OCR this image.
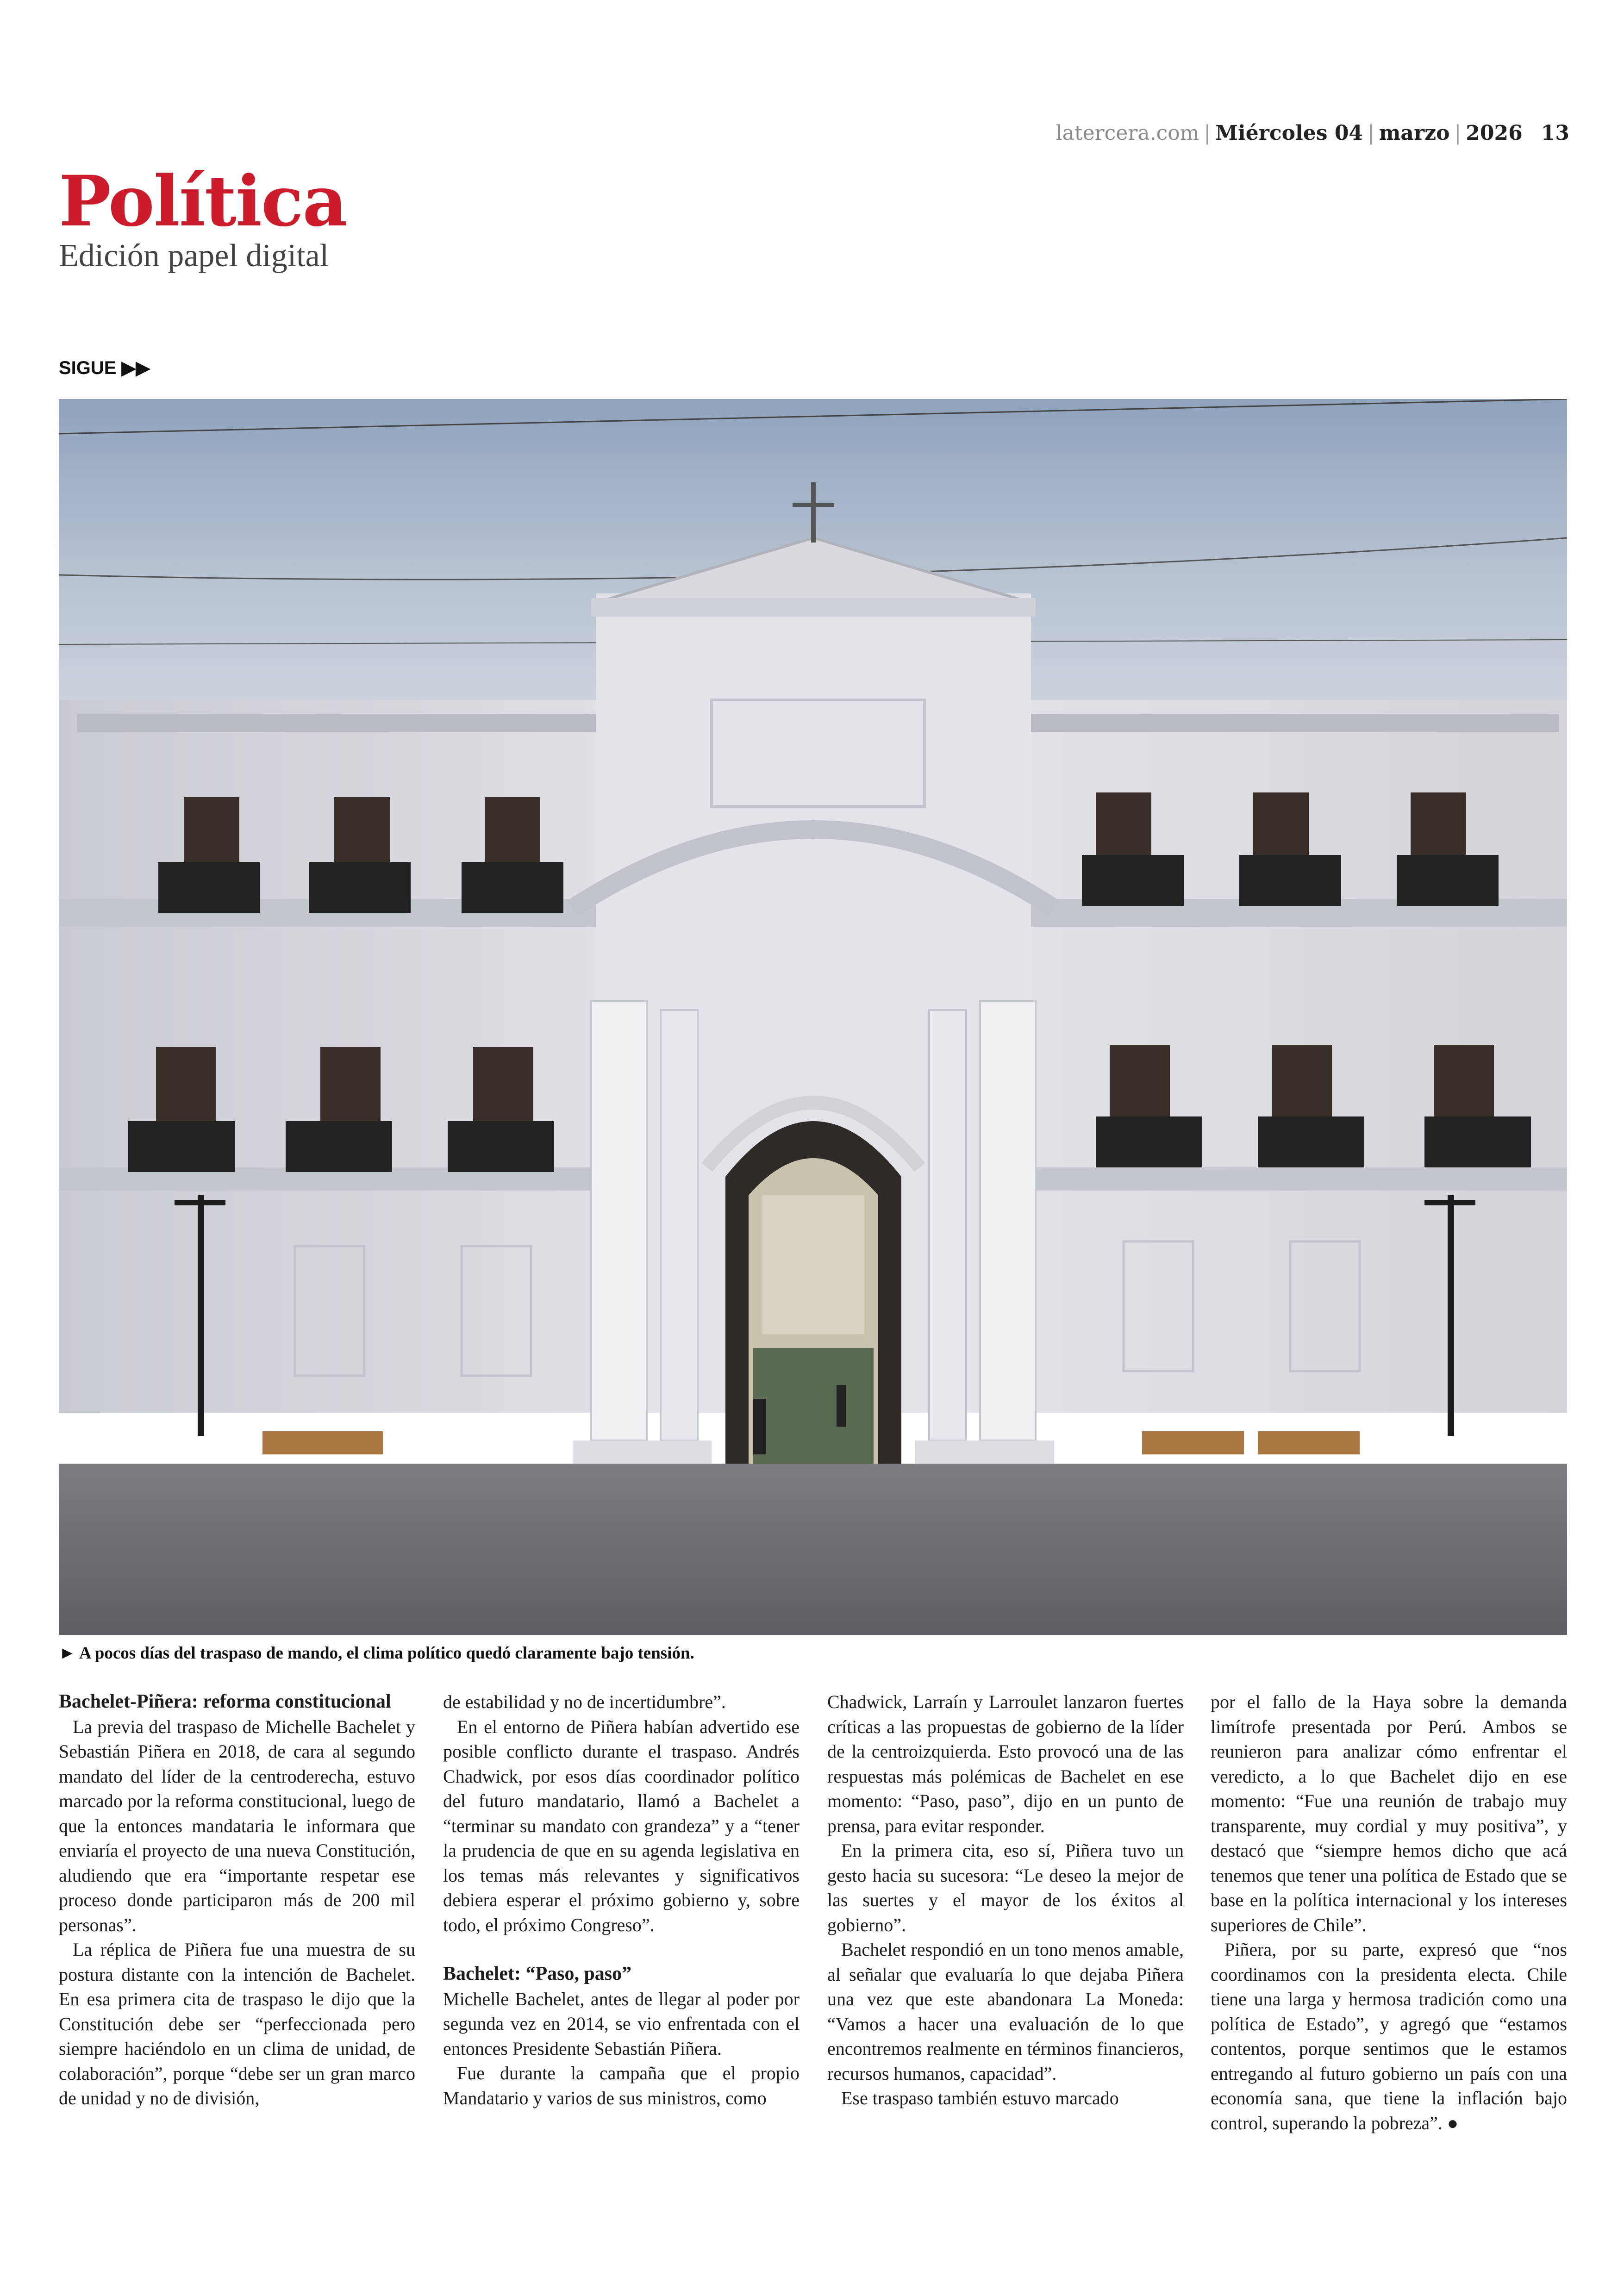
latercera.com | Miércoles 04 | marzo | 2026 13
Política
Edición papel digital
SIGUE ▶▶
► A pocos días del traspaso de mando, el clima político quedó claramente bajo tensión.
Bachelet-Piñera: reforma constitucional

La previa del traspaso de Michelle Bachelet y Sebastián Piñera en 2018, de cara al segundo mandato del líder de la centroderecha, estuvo marcado por la reforma constitucional, luego de que la entonces mandataria le informara que enviaría el proyecto de una nueva Constitución, aludiendo que era “importante respetar ese proceso donde participaron más de 200 mil personas”.

La réplica de Piñera fue una muestra de su postura distante con la intención de Bachelet. En esa primera cita de traspaso le dijo que la Constitución debe ser “perfeccionada pero siempre haciéndolo en un clima de unidad, de colaboración”, porque “debe ser un gran marco de unidad y no de división,

de estabilidad y no de incertidumbre”.

En el entorno de Piñera habían advertido ese posible conflicto durante el traspaso. Andrés Chadwick, por esos días coordinador político del futuro mandatario, llamó a Bachelet a “terminar su mandato con grandeza” y a “tener la prudencia de que en su agenda legislativa en los temas más relevantes y significativos debiera esperar el próximo gobierno y, sobre todo, el próximo Congreso”.

Bachelet: “Paso, paso”

Michelle Bachelet, antes de llegar al poder por segunda vez en 2014, se vio enfrentada con el entonces Presidente Sebastián Piñera.

Fue durante la campaña que el propio Mandatario y varios de sus ministros, como

Chadwick, Larraín y Larroulet lanzaron fuertes críticas a las propuestas de gobierno de la líder de la centroizquierda. Esto provocó una de las respuestas más polémicas de Bachelet en ese momento: “Paso, paso”, dijo en un punto de prensa, para evitar responder.

En la primera cita, eso sí, Piñera tuvo un gesto hacia su sucesora: “Le deseo la mejor de las suertes y el mayor de los éxitos al gobierno”.

Bachelet respondió en un tono menos amable, al señalar que evaluaría lo que dejaba Piñera una vez que este abandonara La Moneda: “Vamos a hacer una evaluación de lo que encontremos realmente en términos financieros, recursos humanos, capacidad”.

Ese traspaso también estuvo marcado

por el fallo de la Haya sobre la demanda limítrofe presentada por Perú. Ambos se reunieron para analizar cómo enfrentar el veredicto, a lo que Bachelet dijo en ese momento: “Fue una reunión de trabajo muy transparente, muy cordial y muy positiva”, y destacó que “siempre hemos dicho que acá tenemos que tener una política de Estado que se base en la política internacional y los intereses superiores de Chile”.

Piñera, por su parte, expresó que “nos coordinamos con la presidenta electa. Chile tiene una larga y hermosa tradición como una política de Estado”, y agregó que “estamos contentos, porque sentimos que le estamos entregando al futuro gobierno un país con una economía sana, que tiene la inflación bajo control, superando la pobreza”. ●
